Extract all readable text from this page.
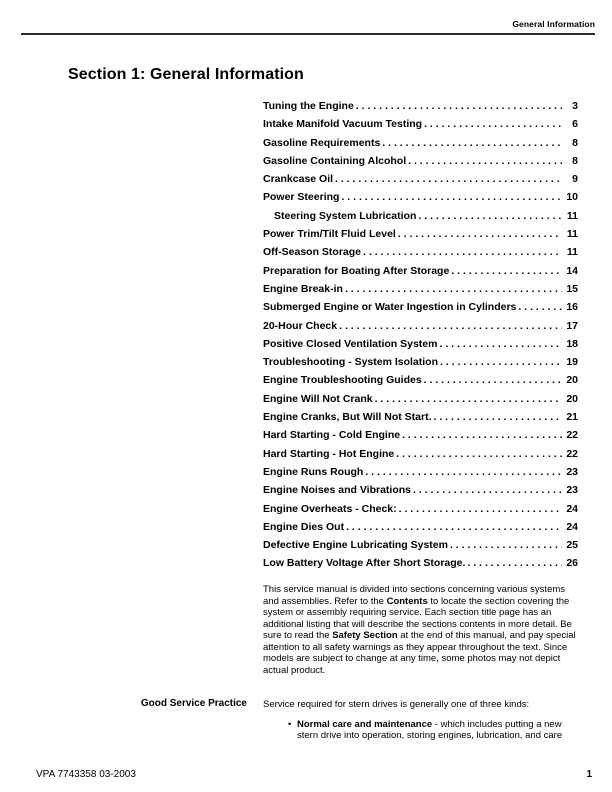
General Information
Section 1: General Information
Tuning the Engine . . .	3
Intake Manifold Vacuum Testing . . .	6
Gasoline Requirements . . .	8
Gasoline Containing Alcohol . . .	8
Crankcase Oil . . .	9
Power Steering . . .	10
Steering System Lubrication . . .	11
Power Trim/Tilt Fluid Level . . .	11
Off-Season Storage . . .	11
Preparation for Boating After Storage . . .	14
Engine Break-in . . .	15
Submerged Engine or Water Ingestion in Cylinders . . .	16
20-Hour Check . . .	17
Positive Closed Ventilation System . . .	18
Troubleshooting - System Isolation . . .	19
Engine Troubleshooting Guides . . .	20
Engine Will Not Crank . . .	20
Engine Cranks, But Will Not Start. . . .	21
Hard Starting - Cold Engine . . .	22
Hard Starting - Hot Engine . . .	22
Engine Runs Rough . . .	23
Engine Noises and Vibrations . . .	23
Engine Overheats - Check: . . .	24
Engine Dies Out . . .	24
Defective Engine Lubricating System . . .	25
Low Battery Voltage After Short Storage. . . .	26

This service manual is divided into sections concerning various systems and assemblies. Refer to the Contents to locate the section covering the system or assembly requiring service. Each section title page has an additional listing that will describe the sections contents in more detail. Be sure to read the Safety Section at the end of this manual, and pay special attention to all safety warnings as they appear throughout the text. Since models are subject to change at any time, some photos may not depict actual product.

Good Service Practice Service required for stern drives is generally one of three kinds:
• Normal care and maintenance - which includes putting a new stern drive into operation, storing engines, lubrication, and care
VPA 7743358 03-2003	1
